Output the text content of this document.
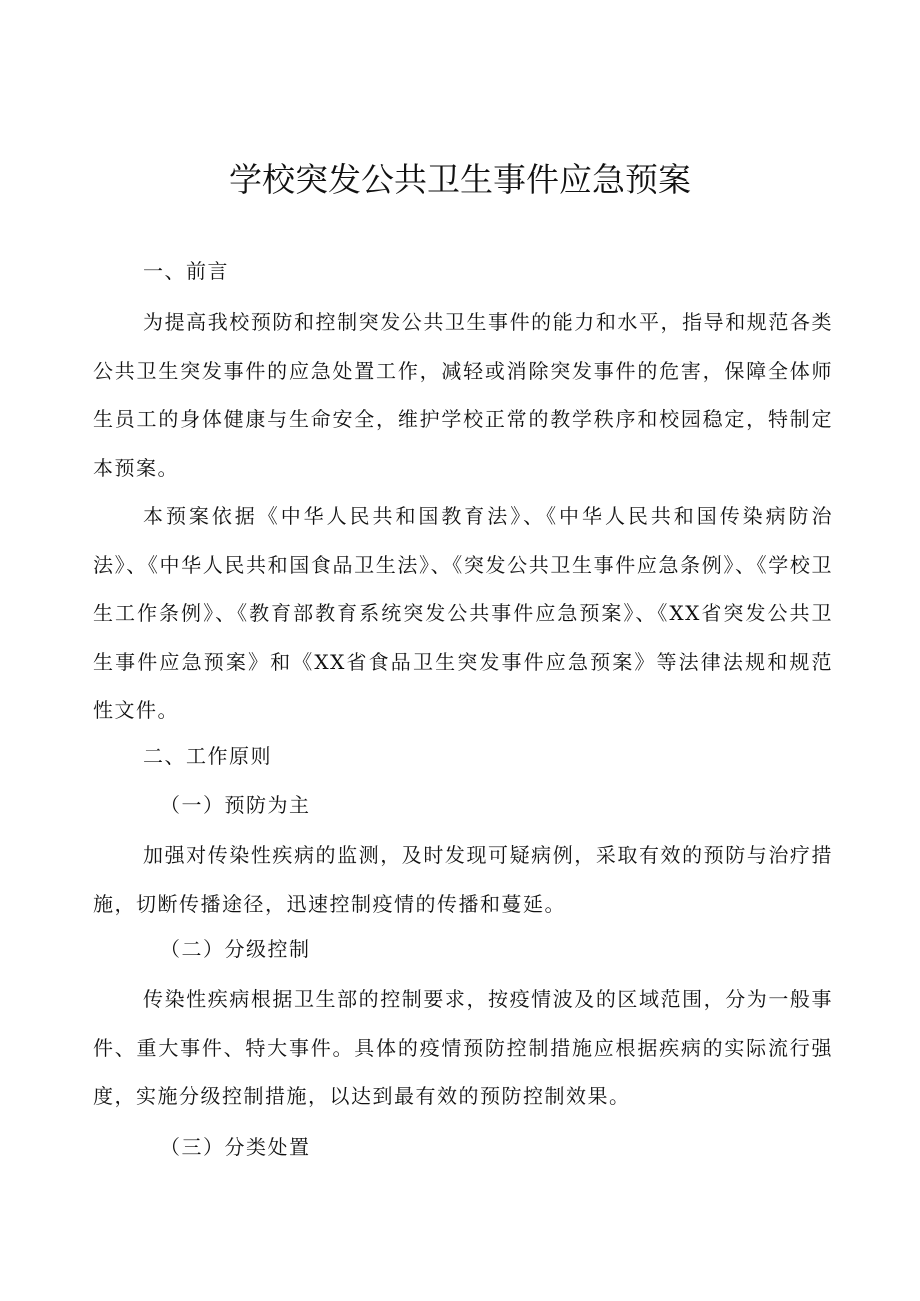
学校突发公共卫生事件应急预案

一、前言

为提高我校预防和控制突发公共卫生事件的能力和水平，指导和规范各类公共卫生突发事件的应急处置工作，减轻或消除突发事件的危害，保障全体师生员工的身体健康与生命安全，维护学校正常的教学秩序和校园稳定，特制定本预案。

本预案依据《中华人民共和国教育法》、《中华人民共和国传染病防治法》、《中华人民共和国食品卫生法》、《突发公共卫生事件应急条例》、《学校卫生工作条例》、《教育部教育系统突发公共事件应急预案》、《XX省突发公共卫生事件应急预案》和《XX省食品卫生突发事件应急预案》等法律法规和规范性文件。

二、工作原则

（一）预防为主

加强对传染性疾病的监测，及时发现可疑病例，采取有效的预防与治疗措施，切断传播途径，迅速控制疫情的传播和蔓延。

（二）分级控制

传染性疾病根据卫生部的控制要求，按疫情波及的区域范围，分为一般事件、重大事件、特大事件。具体的疫情预防控制措施应根据疾病的实际流行强度，实施分级控制措施，以达到最有效的预防控制效果。

（三）分类处置
